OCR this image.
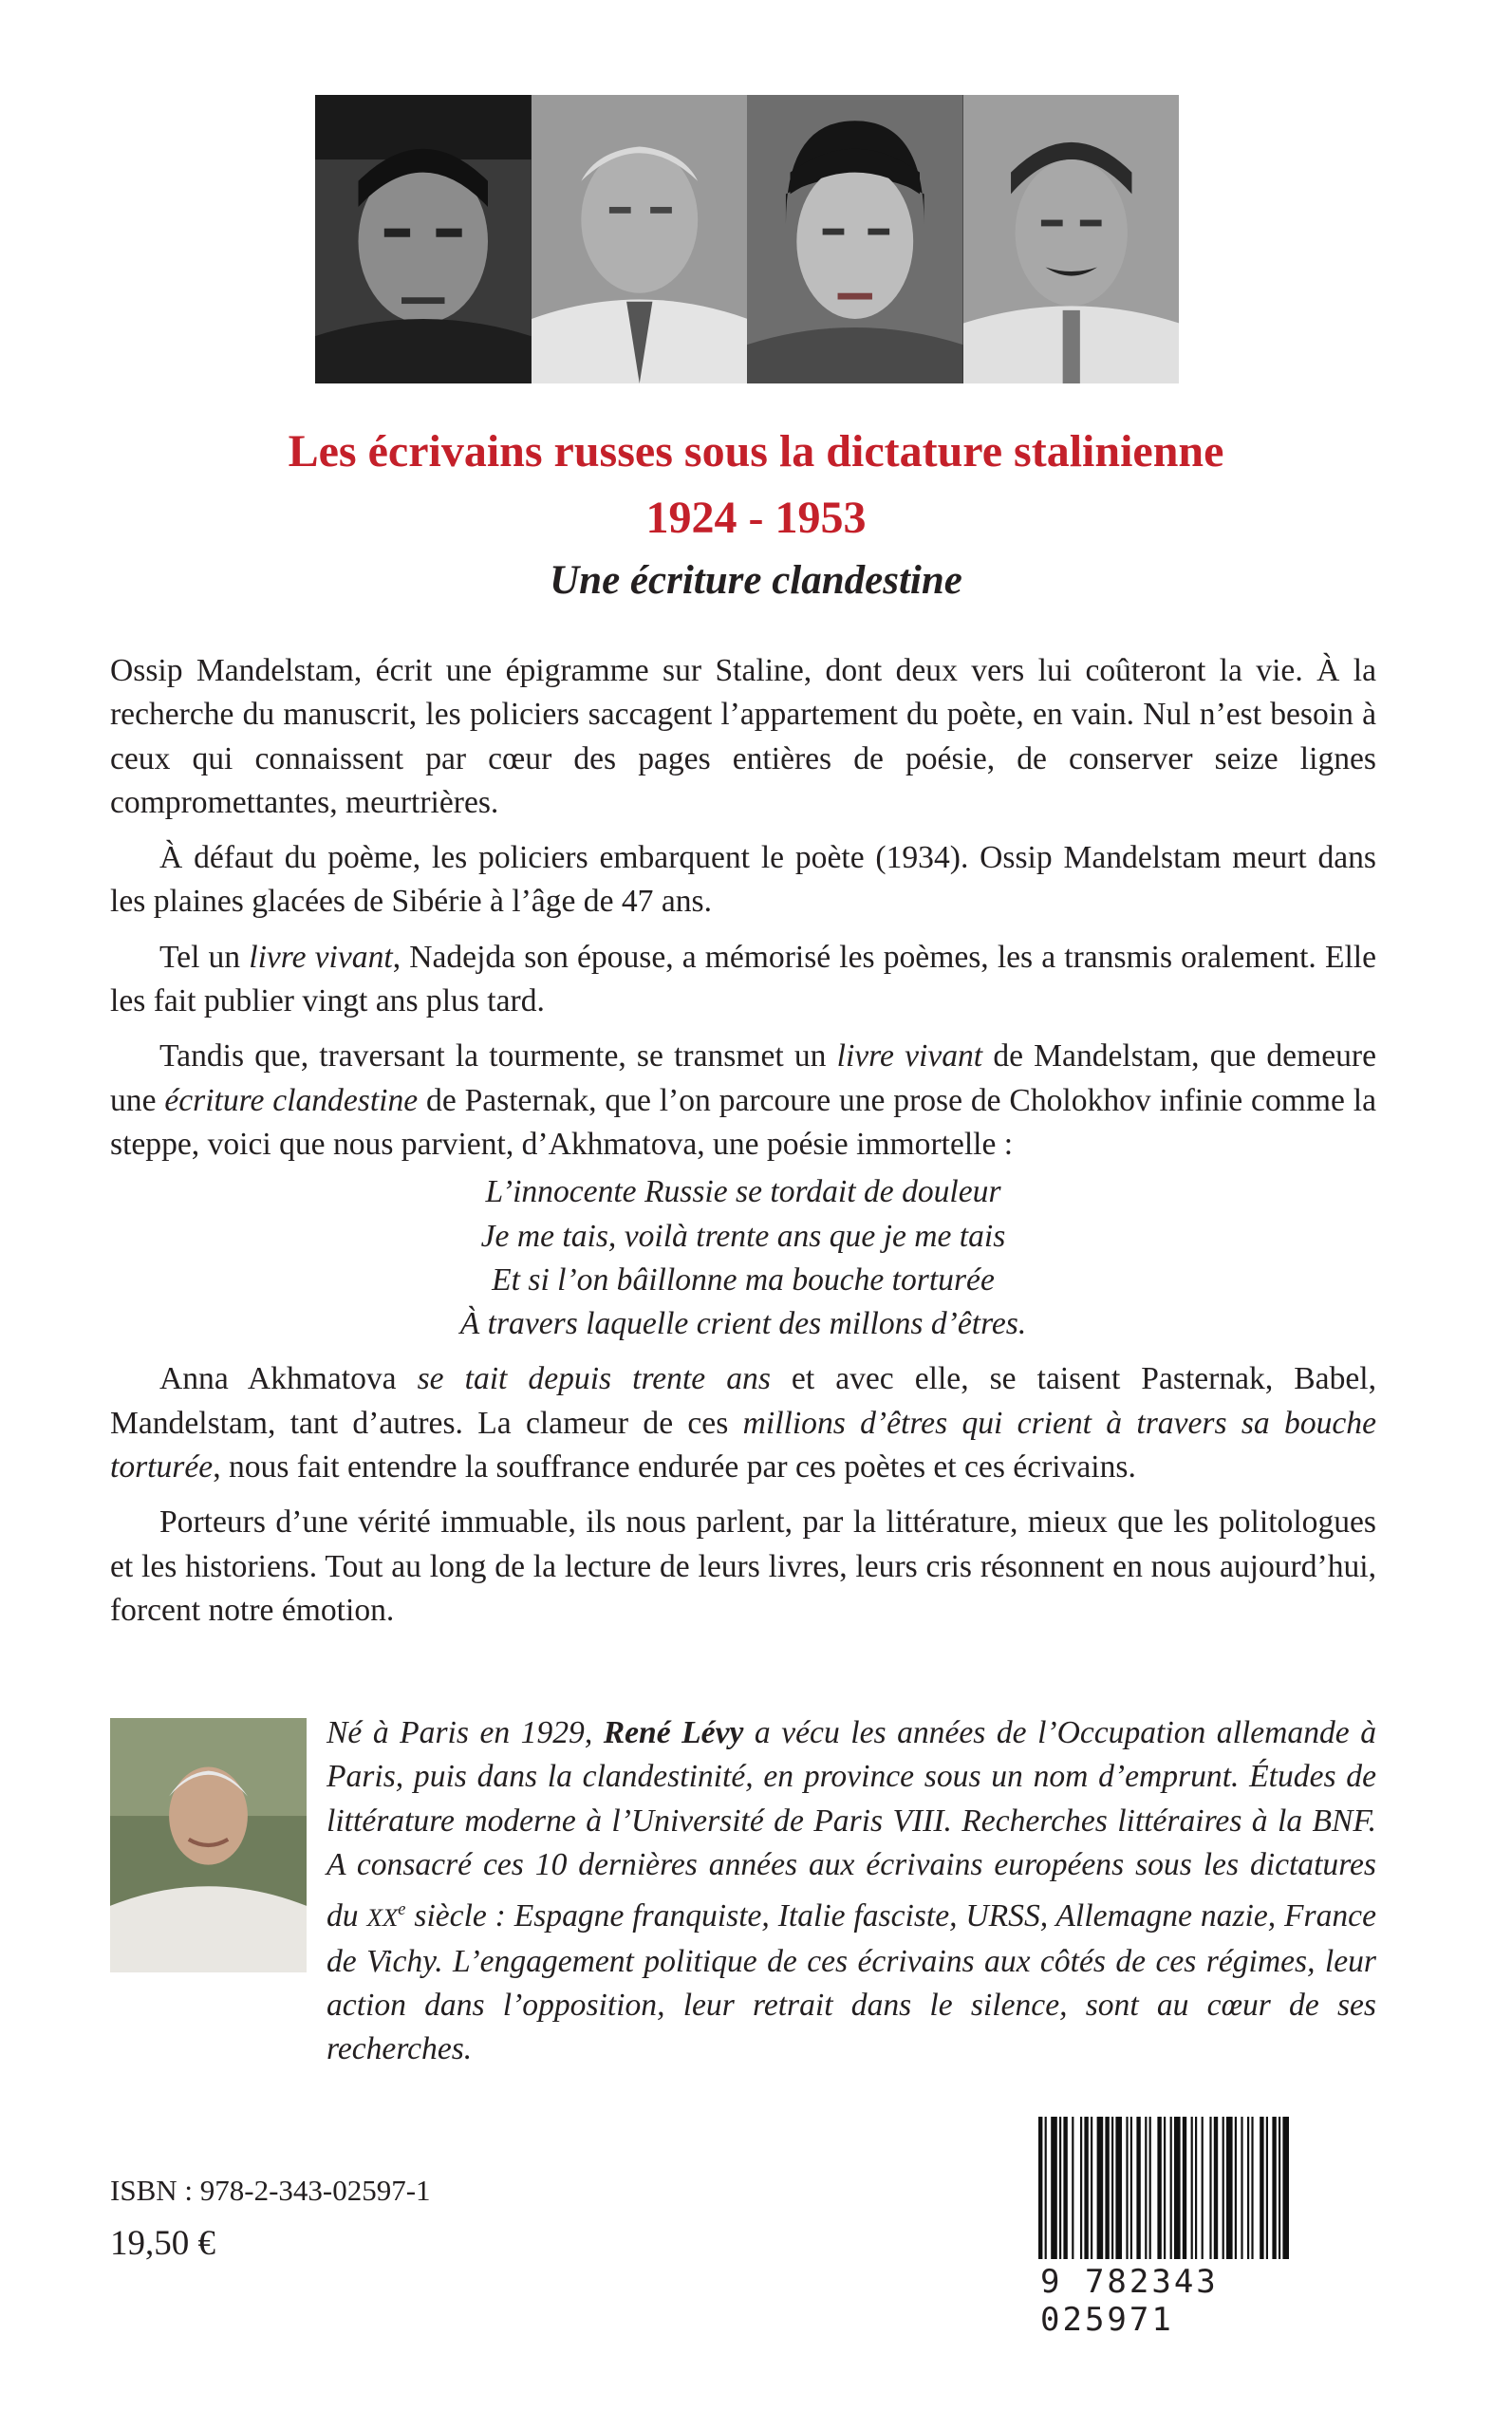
Les écrivains russes sous la dictature stalinienne
1924 - 1953
Une écriture clandestine

Ossip Mandelstam, écrit une épigramme sur Staline, dont deux vers lui coûteront la vie. À la recherche du manuscrit, les policiers saccagent l’appartement du poète, en vain. Nul n’est besoin à ceux qui connaissent par cœur des pages entières de poésie, de conserver seize lignes compromettantes, meurtrières.

À défaut du poème, les policiers embarquent le poète (1934). Ossip Mandelstam meurt dans les plaines glacées de Sibérie à l’âge de 47 ans.

Tel un livre vivant, Nadejda son épouse, a mémorisé les poèmes, les a transmis oralement. Elle les fait publier vingt ans plus tard.

Tandis que, traversant la tourmente, se transmet un livre vivant de Mandelstam, que demeure une écriture clandestine de Pasternak, que l’on parcoure une prose de Cholokhov infinie comme la steppe, voici que nous parvient, d’Akhmatova, une poésie immortelle :

L’innocente Russie se tordait de douleur
Je me tais, voilà trente ans que je me tais
Et si l’on bâillonne ma bouche torturée
À travers laquelle crient des millons d’êtres.

Anna Akhmatova se tait depuis trente ans et avec elle, se taisent Pasternak, Babel, Mandelstam, tant d’autres. La clameur de ces millions d’êtres qui crient à travers sa bouche torturée, nous fait entendre la souffrance endurée par ces poètes et ces écrivains.

Porteurs d’une vérité immuable, ils nous parlent, par la littérature, mieux que les politologues et les historiens. Tout au long de la lecture de leurs livres, leurs cris résonnent en nous aujourd’hui, forcent notre émotion.

Né à Paris en 1929, René Lévy a vécu les années de l’Occupation allemande à Paris, puis dans la clandestinité, en province sous un nom d’emprunt. Études de littérature moderne à l’Université de Paris VIII. Recherches littéraires à la BNF. A consacré ces 10 dernières années aux écrivains européens sous les dictatures du XXe siècle : Espagne franquiste, Italie fasciste, URSS, Allemagne nazie, France de Vichy. L’engagement politique de ces écrivains aux côtés de ces régimes, leur action dans l’opposition, leur retrait dans le silence, sont au cœur de ses recherches.

ISBN : 978-2-343-02597-1

19,50 €

9 782343 025971
